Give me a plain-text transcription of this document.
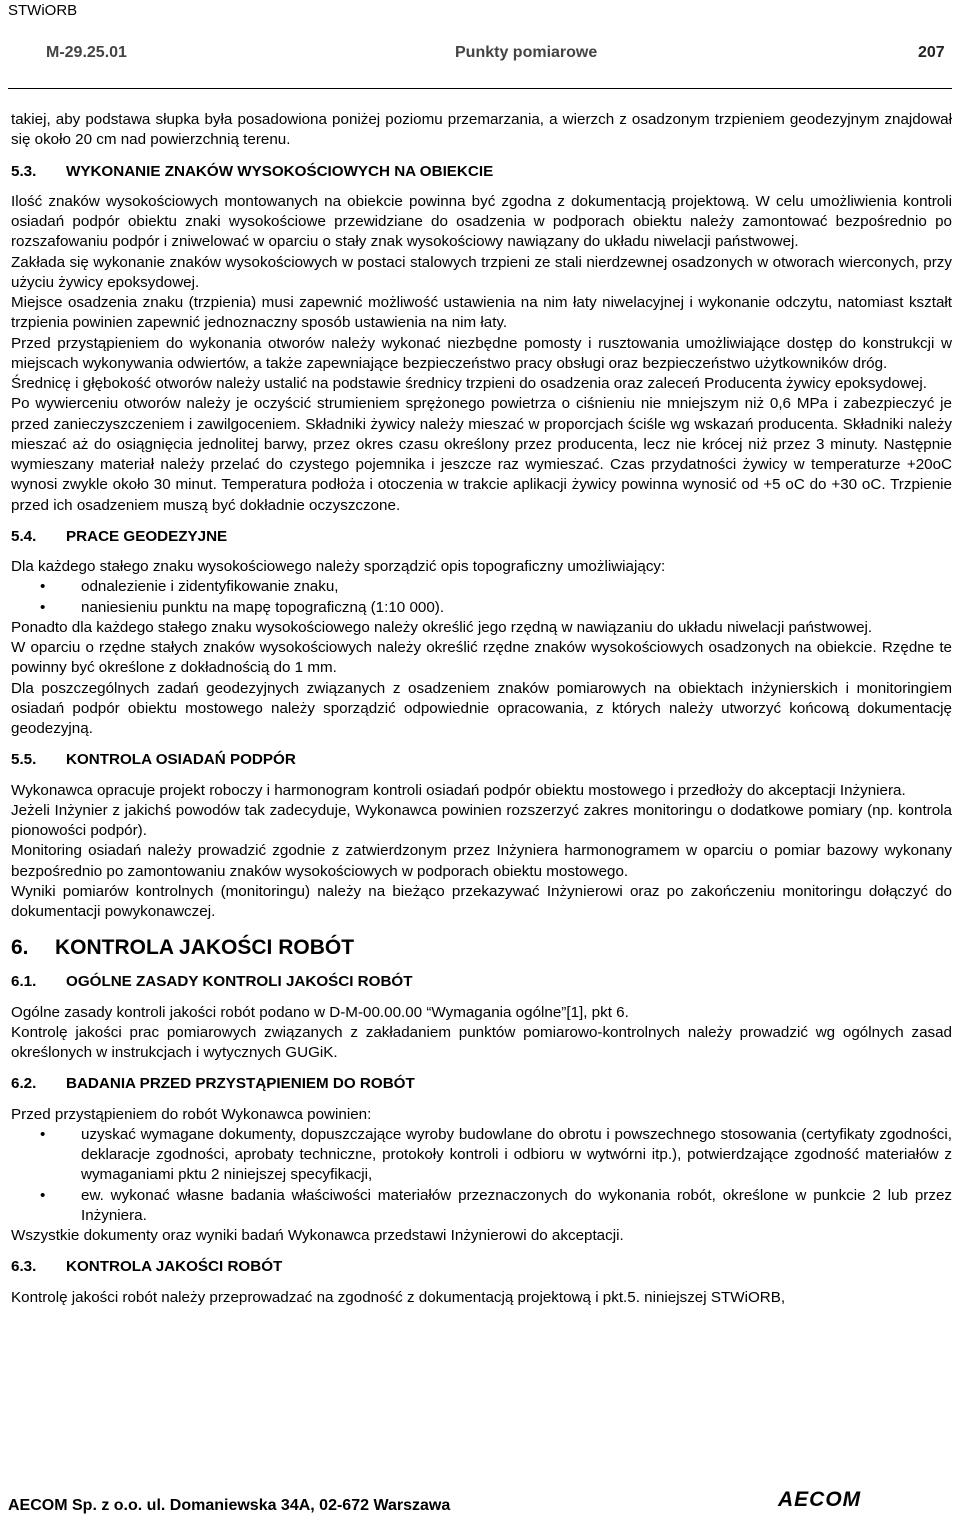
STWiORB
M-29.25.01	Punkty pomiarowe	207

takiej, aby podstawa słupka była posadowiona poniżej poziomu przemarzania, a wierzch z osadzonym trzpieniem geodezyjnym znajdował się około 20 cm nad powierzchnią terenu.

5.3.	WYKONANIE ZNAKÓW WYSOKOŚCIOWYCH NA OBIEKCIE

Ilość znaków wysokościowych montowanych na obiekcie powinna być zgodna z dokumentacją projektową. W celu umożliwienia kontroli osiadań podpór obiektu znaki wysokościowe przewidziane do osadzenia w podporach obiektu należy zamontować bezpośrednio po rozszafowaniu podpór i zniwelować w oparciu o stały znak wysokościowy nawiązany do układu niwelacji państwowej.

Zakłada się wykonanie znaków wysokościowych w postaci stalowych trzpieni ze stali nierdzewnej osadzonych w otworach wierconych, przy użyciu żywicy epoksydowej.

Miejsce osadzenia znaku (trzpienia) musi zapewnić możliwość ustawienia na nim łaty niwelacyjnej i wykonanie odczytu, natomiast kształt trzpienia powinien zapewnić jednoznaczny sposób ustawienia na nim łaty.

Przed przystąpieniem do wykonania otworów należy wykonać niezbędne pomosty i rusztowania umożliwiające dostęp do konstrukcji w miejscach wykonywania odwiertów, a także zapewniające bezpieczeństwo pracy obsługi oraz bezpieczeństwo użytkowników dróg.

Średnicę i głębokość otworów należy ustalić na podstawie średnicy trzpieni do osadzenia oraz zaleceń Producenta żywicy epoksydowej.

Po wywierceniu otworów należy je oczyścić strumieniem sprężonego powietrza o ciśnieniu nie mniejszym niż 0,6 MPa i zabezpieczyć je przed zanieczyszczeniem i zawilgoceniem. Składniki żywicy należy mieszać w proporcjach ściśle wg wskazań producenta. Składniki należy mieszać aż do osiągnięcia jednolitej barwy, przez okres czasu określony przez producenta, lecz nie krócej niż przez 3 minuty. Następnie wymieszany materiał należy przelać do czystego pojemnika i jeszcze raz wymieszać. Czas przydatności żywicy w temperaturze +20oC wynosi zwykle około 30 minut. Temperatura podłoża i otoczenia w trakcie aplikacji żywicy powinna wynosić od +5 oC do +30 oC. Trzpienie przed ich osadzeniem muszą być dokładnie oczyszczone.

5.4.	PRACE GEODEZYJNE

Dla każdego stałego znaku wysokościowego należy sporządzić opis topograficzny umożliwiający:

• odnalezienie i zidentyfikowanie znaku,
• naniesieniu punktu na mapę topograficzną (1:10 000).

Ponadto dla każdego stałego znaku wysokościowego należy określić jego rzędną w nawiązaniu do układu niwelacji państwowej.

W oparciu o rzędne stałych znaków wysokościowych należy określić rzędne znaków wysokościowych osadzonych na obiekcie. Rzędne te powinny być określone z dokładnością do 1 mm.

Dla poszczególnych zadań geodezyjnych związanych z osadzeniem znaków pomiarowych na obiektach inżynierskich i monitoringiem osiadań podpór obiektu mostowego należy sporządzić odpowiednie opracowania, z których należy utworzyć końcową dokumentację geodezyjną.

5.5.	KONTROLA OSIADAŃ PODPÓR

Wykonawca opracuje projekt roboczy i harmonogram kontroli osiadań podpór obiektu mostowego i przedłoży do akceptacji Inżyniera.

Jeżeli Inżynier z jakichś powodów tak zadecyduje, Wykonawca powinien rozszerzyć zakres monitoringu o dodatkowe pomiary (np. kontrola pionowości podpór).

Monitoring osiadań należy prowadzić zgodnie z zatwierdzonym przez Inżyniera harmonogramem w oparciu o pomiar bazowy wykonany bezpośrednio po zamontowaniu znaków wysokościowych w podporach obiektu mostowego.

Wyniki pomiarów kontrolnych (monitoringu) należy na bieżąco przekazywać Inżynierowi oraz po zakończeniu monitoringu dołączyć do dokumentacji powykonawczej.

6.	KONTROLA JAKOŚCI ROBÓT
6.1.	OGÓLNE ZASADY KONTROLI JAKOŚCI ROBÓT

Ogólne zasady kontroli jakości robót podano w D-M-00.00.00 “Wymagania ogólne”[1], pkt 6.

Kontrolę jakości prac pomiarowych związanych z zakładaniem punktów pomiarowo-kontrolnych należy prowadzić wg ogólnych zasad określonych w instrukcjach i wytycznych GUGiK.

6.2.	BADANIA PRZED PRZYSTĄPIENIEM DO ROBÓT

Przed przystąpieniem do robót Wykonawca powinien:

• uzyskać wymagane dokumenty, dopuszczające wyroby budowlane do obrotu i powszechnego stosowania (certyfikaty zgodności, deklaracje zgodności, aprobaty techniczne, protokoły kontroli i odbioru w wytwórni itp.), potwierdzające zgodność materiałów z wymaganiami pktu 2 niniejszej specyfikacji,
• ew. wykonać własne badania właściwości materiałów przeznaczonych do wykonania robót, określone w punkcie 2 lub przez Inżyniera.

Wszystkie dokumenty oraz wyniki badań Wykonawca przedstawi Inżynierowi do akceptacji.

6.3.	KONTROLA JAKOŚCI ROBÓT

Kontrolę jakości robót należy przeprowadzać na zgodność z dokumentacją projektową i pkt.5. niniejszej STWiORB,

AECOM Sp. z o.o. ul. Domaniewska 34A, 02-672 Warszawa	AECOM
